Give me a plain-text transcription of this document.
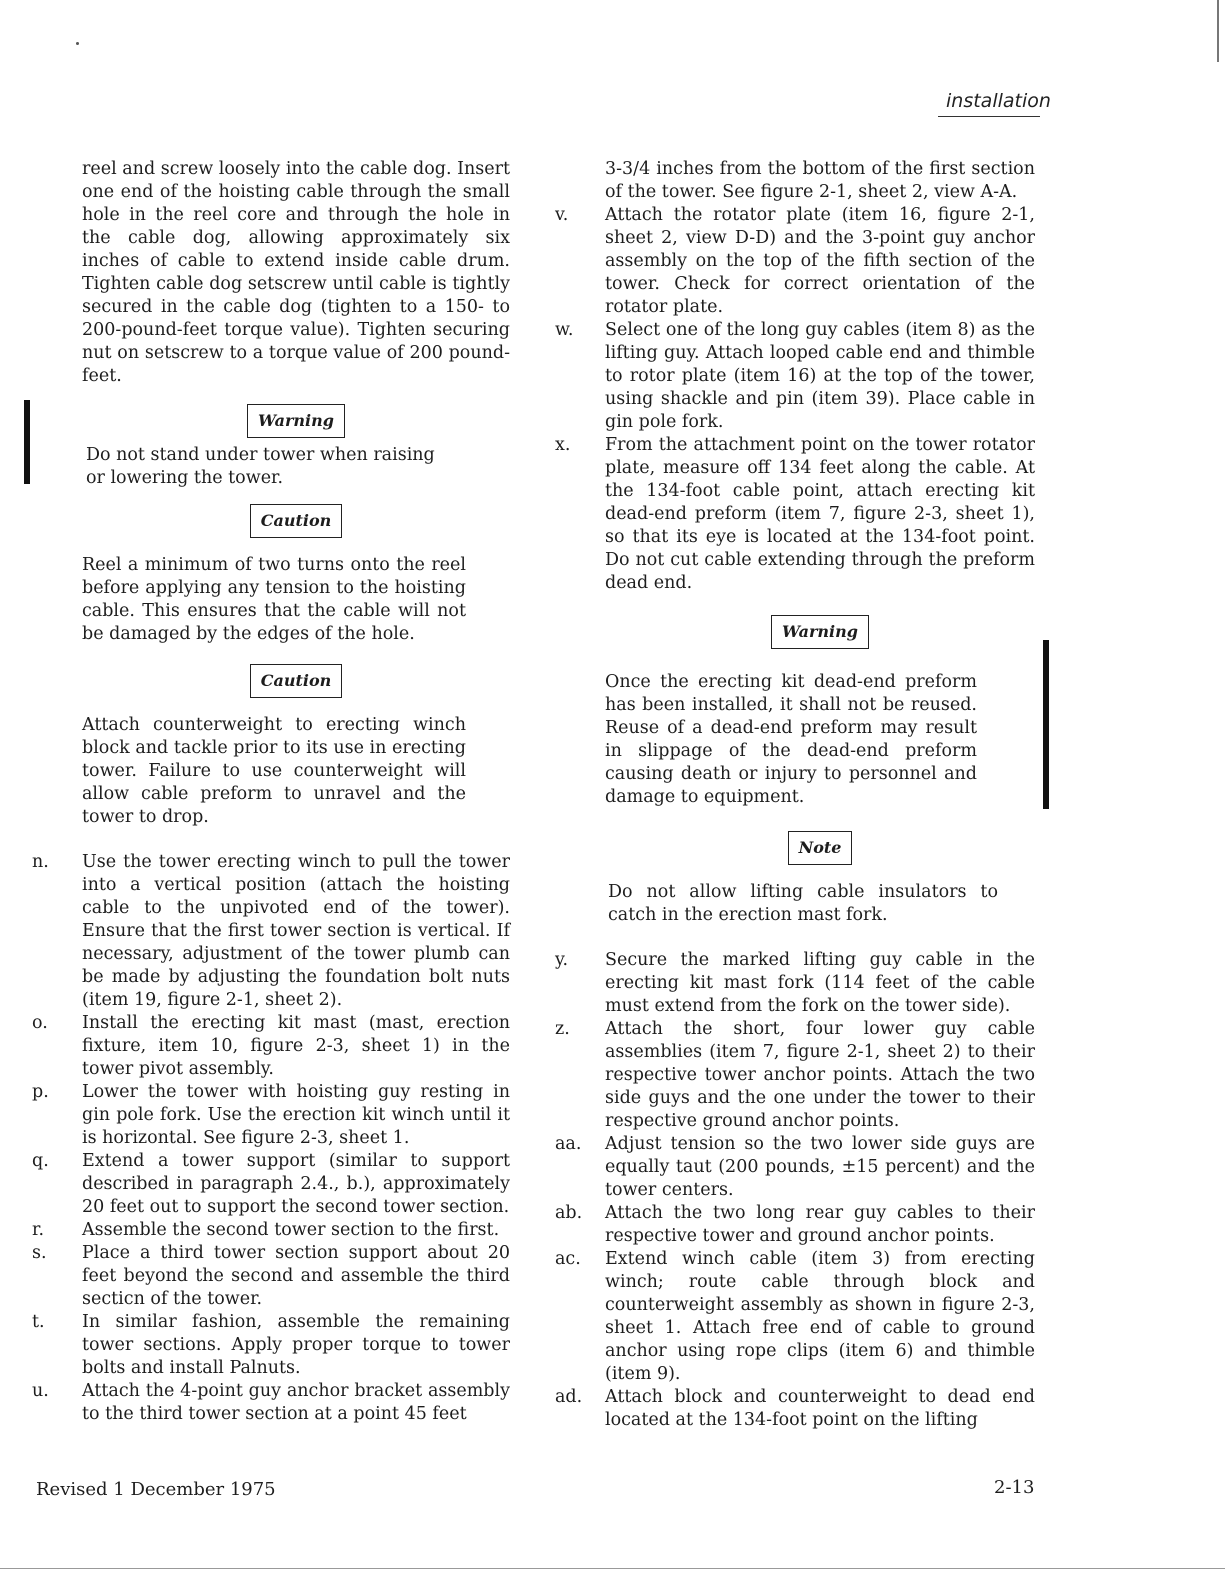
installation

reel and screw loosely into the cable dog. Insert one end of the hoisting cable through the small hole in the reel core and through the hole in the cable dog, allowing approximately six inches of cable to extend inside cable drum. Tighten cable dog setscrew until cable is tightly secured in the cable dog (tighten to a 150- to 200-pound-feet torque value). Tighten securing nut on setscrew to a torque value of 200 pound-feet.

Warning

Do not stand under tower when raising or lowering the tower.

Caution

Reel a minimum of two turns onto the reel before applying any tension to the hoisting cable. This ensures that the cable will not be damaged by the edges of the hole.

Caution

Attach counterweight to erecting winch block and tackle prior to its use in erecting tower. Failure to use counterweight will allow cable preform to unravel and the tower to drop.

n. Use the tower erecting winch to pull the tower into a vertical position (attach the hoisting cable to the unpivoted end of the tower). Ensure that the first tower section is vertical. If necessary, adjustment of the tower plumb can be made by adjusting the foundation bolt nuts (item 19, figure 2-1, sheet 2).

o. Install the erecting kit mast (mast, erection fixture, item 10, figure 2-3, sheet 1) in the tower pivot assembly.

p. Lower the tower with hoisting guy resting in gin pole fork. Use the erection kit winch until it is horizontal. See figure 2-3, sheet 1.

q. Extend a tower support (similar to support described in paragraph 2.4., b.), approximately 20 feet out to support the second tower section.

r. Assemble the second tower section to the first.

s. Place a third tower section support about 20 feet beyond the second and assemble the third secticn of the tower.

t. In similar fashion, assemble the remaining tower sections. Apply proper torque to tower bolts and install Palnuts.

u. Attach the 4-point guy anchor bracket assembly to the third tower section at a point 45 feet

3-3/4 inches from the bottom of the first section of the tower. See figure 2-1, sheet 2, view A-A.

v. Attach the rotator plate (item 16, figure 2-1, sheet 2, view D-D) and the 3-point guy anchor assembly on the top of the fifth section of the tower. Check for correct orientation of the rotator plate.

w. Select one of the long guy cables (item 8) as the lifting guy. Attach looped cable end and thimble to rotor plate (item 16) at the top of the tower, using shackle and pin (item 39). Place cable in gin pole fork.

x. From the attachment point on the tower rotator plate, measure off 134 feet along the cable. At the 134-foot cable point, attach erecting kit dead-end preform (item 7, figure 2-3, sheet 1), so that its eye is located at the 134-foot point. Do not cut cable extending through the preform dead end.

Warning

Once the erecting kit dead-end preform has been installed, it shall not be reused. Reuse of a dead-end preform may result in slippage of the dead-end preform causing death or injury to personnel and damage to equipment.

Note

Do not allow lifting cable insulators to catch in the erection mast fork.

y. Secure the marked lifting guy cable in the erecting kit mast fork (114 feet of the cable must extend from the fork on the tower side).

z. Attach the short, four lower guy cable assemblies (item 7, figure 2-1, sheet 2) to their respective tower anchor points. Attach the two side guys and the one under the tower to their respective ground anchor points.

aa. Adjust tension so the two lower side guys are equally taut (200 pounds, ±15 percent) and the tower centers.

ab. Attach the two long rear guy cables to their respective tower and ground anchor points.

ac. Extend winch cable (item 3) from erecting winch; route cable through block and counterweight assembly as shown in figure 2-3, sheet 1. Attach free end of cable to ground anchor using rope clips (item 6) and thimble (item 9).

ad. Attach block and counterweight to dead end located at the 134-foot point on the lifting

Revised 1 December 1975	2-13
